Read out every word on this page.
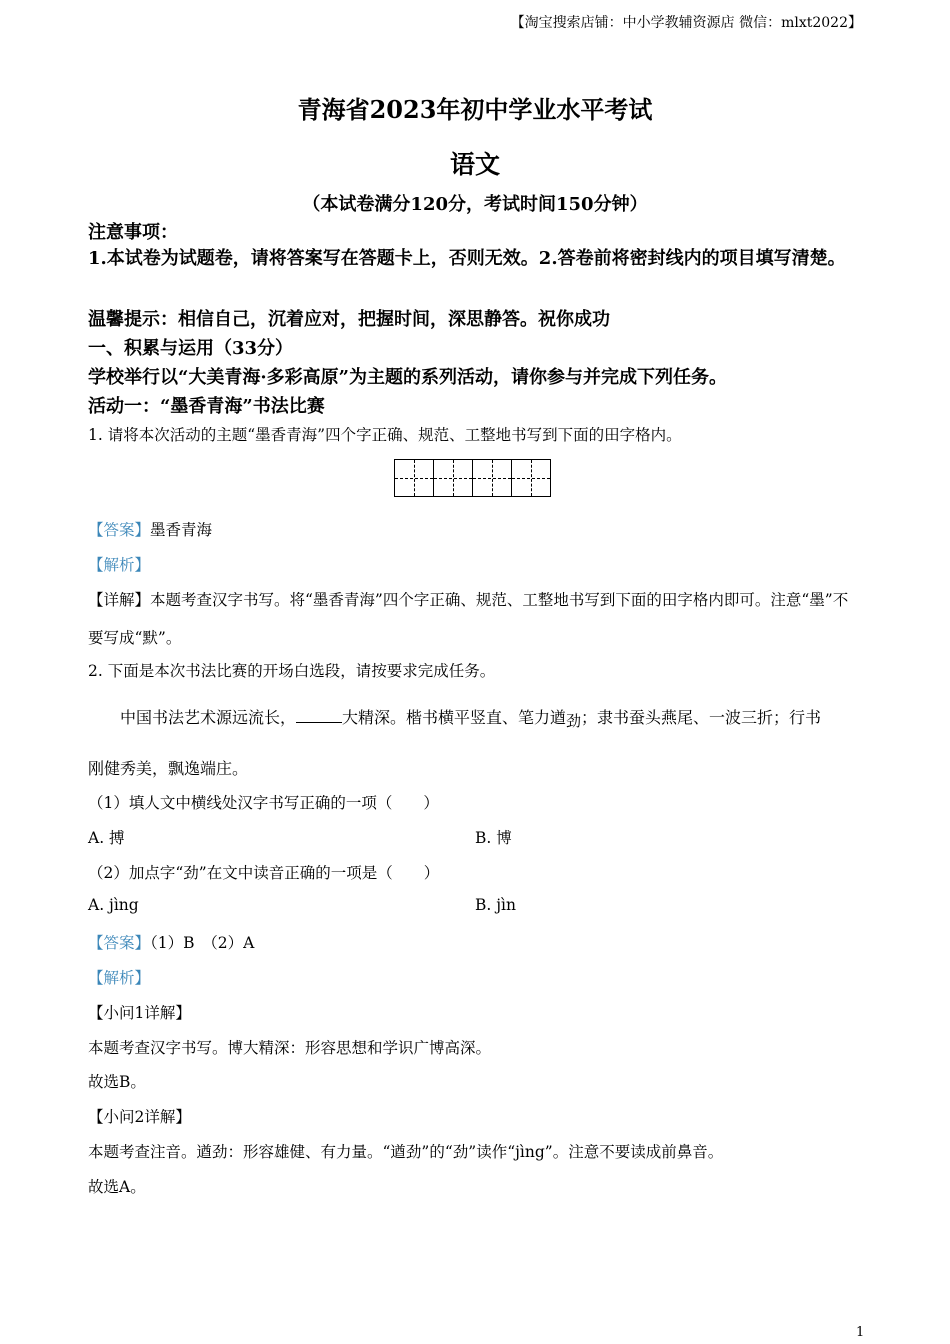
【淘宝搜索店铺：中小学教辅资源店 微信：mlxt2022】
青海省2023年初中学业水平考试
语文
（本试卷满分120分，考试时间150分钟）
注意事项：
1.本试卷为试题卷，请将答案写在答题卡上，否则无效。2.答卷前将密封线内的项目填写清楚。
温馨提示：相信自己，沉着应对，把握时间，深思静答。祝你成功
一、积累与运用（33分）
学校举行以“大美青海·多彩高原”为主题的系列活动，请你参与并完成下列任务。
活动一：“墨香青海”书法比赛
1. 请将本次活动的主题“墨香青海”四个字正确、规范、工整地书写到下面的田字格内。
【答案】墨香青海
【解析】
【详解】本题考查汉字书写。将“墨香青海”四个字正确、规范、工整地书写到下面的田字格内即可。注意“墨”不要写成“默”。
2. 下面是本次书法比赛的开场白选段，请按要求完成任务。
中国书法艺术源远流长，	大精深。楷书横平竖直、笔力遒劲；隶书蚕头燕尾、一波三折；行书
刚健秀美，飘逸端庄。
（1）填人文中横线处汉字书写正确的一项（　　）
A. 搏	B. 博
（2）加点字“劲”在文中读音正确的一项是（　　）
A. jìng	B. jìn
【答案】（1）B　（2）A
【解析】
【小问1详解】
本题考查汉字书写。博大精深：形容思想和学识广博高深。
故选B。
【小问2详解】
本题考查注音。遒劲：形容雄健、有力量。“遒劲”的“劲”读作“jìng”。注意不要读成前鼻音。
故选A。
1
